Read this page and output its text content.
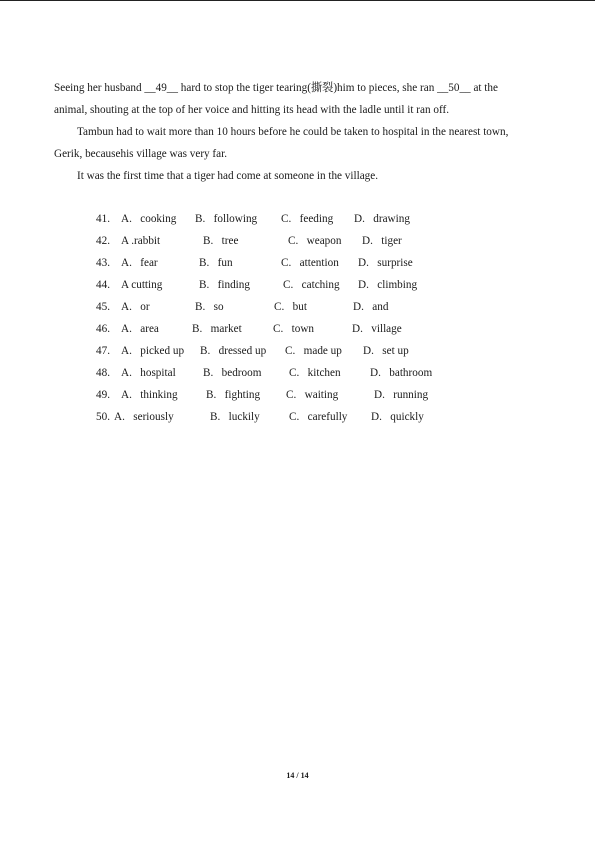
Seeing her husband __49__ hard to stop the tiger tearing(撕裂)him to pieces, she ran __50__ at the

animal, shouting at the top of her voice and hitting its head with the ladle until it ran off.

Tambun had to wait more than 10 hours before he could be taken to hospital in the nearest town,

Gerik, becausehis village was very far.

It was the first time that a tiger had come at someone in the village.

41. A.   cooking B.   following C.   feeding D.   drawing
42. A .rabbit	B.   tree	C.   weapon D.   tiger
43. A.   fear	B.   fun	C.   attention D.   surprise
44. A cutting	B.   finding	C.   catching D.   climbing
45. A.   or	B.   so	C.   but	D.   and
46. A.   area	B.   market	C.   town	D.   village
47. A.   picked up B.   dressed up C.   made up D.   set up
48. A.   hospital B.   bedroom C.   kitchen	D.   bathroom
49. A.   thinking	B.   fighting C.   waiting	D.   running
50. A.   seriously	B.   luckily	C.   carefully D.   quickly
14 / 14
